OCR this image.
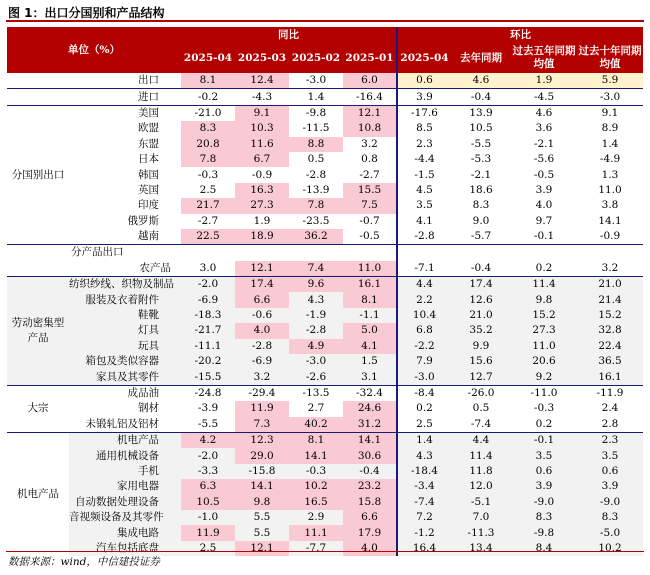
图 1：出口分国别和产品结构
单位（%）		同比				环比			
		2025-04	2025-03	2025-02	2025-01	2025-04	去年同期	过去五年同期均值	过去十年同期均值
	出口	8.1	12.4	-3.0	6.0	0.6	4.6	1.9	5.9
	进口	-0.2	-4.3	1.4	-16.4	3.9	-0.4	-4.5	-3.0
分国别出口	美国	-21.0	9.1	-9.8	12.1	-17.6	13.9	4.6	9.1
	欧盟	8.3	10.3	-11.5	10.8	8.5	10.5	3.6	8.9
	东盟	20.8	11.6	8.8	3.2	2.3	-5.5	-2.1	1.4
	日本	7.8	6.7	0.5	0.8	-4.4	-5.3	-5.6	-4.9
	韩国	-0.3	-0.9	-2.8	-2.7	-1.5	-2.1	-0.5	1.3
	英国	2.5	16.3	-13.9	15.5	4.5	18.6	3.9	11.0
	印度	21.7	27.3	7.8	7.5	3.5	8.3	4.0	3.8
	俄罗斯	-2.7	1.9	-23.5	-0.7	4.1	9.0	9.7	14.1
	越南	22.5	18.9	36.2	-0.5	-2.8	-5.7	-0.1	-0.9
	分产品出口								
	农产品	3.0	12.1	7.4	11.0	-7.1	-0.4	0.2	3.2
劳动密集型产品	纺织纱线、织物及制品	-2.0	17.4	9.6	16.1	4.4	17.4	11.4	21.0
	服装及衣着附件	-6.9	6.6	4.3	8.1	2.2	12.6	9.8	21.4
	鞋靴	-18.3	-0.6	-1.9	-1.1	10.4	21.0	15.2	15.2
	灯具	-21.7	4.0	-2.8	5.0	6.8	35.2	27.3	32.8
	玩具	-11.1	-2.8	4.9	4.1	-2.2	9.9	11.0	22.4
	箱包及类似容器	-20.2	-6.9	-3.0	1.5	7.9	15.6	20.6	36.5
	家具及其零件	-15.5	3.2	-2.6	3.1	-3.0	12.7	9.2	16.1
大宗	成品油	-24.8	-29.4	-13.5	-32.4	-8.4	-26.0	-11.0	-11.9
	钢材	-3.9	11.9	2.7	24.6	0.2	0.5	-0.3	2.4
	未锻轧铝及铝材	-5.5	7.3	40.2	31.2	2.5	-7.4	0.2	2.8
机电产品	机电产品	4.2	12.3	8.1	14.1	1.4	4.4	-0.1	2.3
	通用机械设备	-2.0	29.0	14.1	30.6	4.3	11.4	3.5	3.5
	手机	-3.3	-15.8	-0.3	-0.4	-18.4	11.8	0.6	0.6
	家用电器	6.3	14.1	10.2	23.2	-3.4	12.0	3.9	3.9
	自动数据处理设备	10.5	9.8	16.5	15.8	-7.4	-5.1	-9.0	-9.0
	音视频设备及其零件	-1.0	5.5	2.9	6.6	7.2	7.0	8.3	8.3
	集成电路	11.9	5.5	11.1	17.9	-1.2	-11.3	-9.8	-5.0
	汽车包括底盘	2.5	12.1	-7.7	4.0	16.4	13.4	8.4	10.2
数据来源：wind，中信建投证券
